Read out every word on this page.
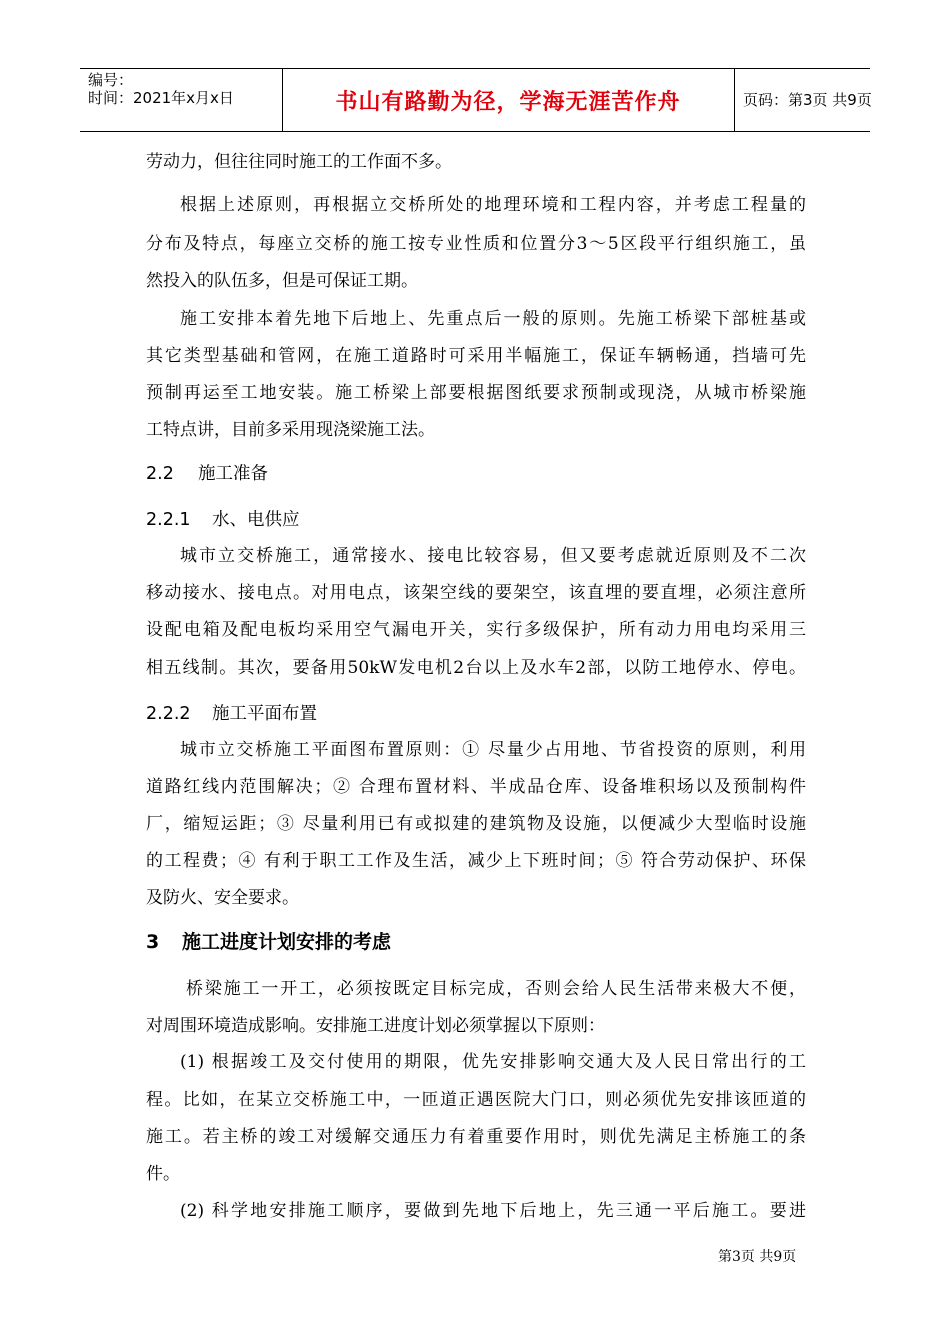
编号：
时间：2021年x月x日	书山有路勤为径，学海无涯苦作舟	页码：第3页 共9页
劳动力，但往往同时施工的工作面不多。
根据上述原则，再根据立交桥所处的地理环境和工程内容，并考虑工程量的
分布及特点，每座立交桥的施工按专业性质和位置分3～5区段平行组织施工，虽
然投入的队伍多，但是可保证工期。
施工安排本着先地下后地上、先重点后一般的原则。先施工桥梁下部桩基或
其它类型基础和管网，在施工道路时可采用半幅施工，保证车辆畅通，挡墙可先
预制再运至工地安装。施工桥梁上部要根据图纸要求预制或现浇，从城市桥梁施
工特点讲，目前多采用现浇梁施工法。
2.2 施工准备
2.2.1 水、电供应
城市立交桥施工，通常接水、接电比较容易，但又要考虑就近原则及不二次
移动接水、接电点。对用电点，该架空线的要架空，该直埋的要直埋，必须注意所
设配电箱及配电板均采用空气漏电开关，实行多级保护，所有动力用电均采用三
相五线制。其次，要备用50kW发电机2台以上及水车2部，以防工地停水、停电。
2.2.2 施工平面布置
城市立交桥施工平面图布置原则：① 尽量少占用地、节省投资的原则，利用
道路红线内范围解决；② 合理布置材料、半成品仓库、设备堆积场以及预制构件
厂，缩短运距；③ 尽量利用已有或拟建的建筑物及设施，以便减少大型临时设施
的工程费；④ 有利于职工工作及生活，减少上下班时间；⑤ 符合劳动保护、环保
及防火、安全要求。
3 施工进度计划安排的考虑
桥梁施工一开工，必须按既定目标完成，否则会给人民生活带来极大不便，
对周围环境造成影响。安排施工进度计划必须掌握以下原则：
(1) 根据竣工及交付使用的期限，优先安排影响交通大及人民日常出行的工
程。比如，在某立交桥施工中，一匝道正遇医院大门口，则必须优先安排该匝道的
施工。若主桥的竣工对缓解交通压力有着重要作用时，则优先满足主桥施工的条
件。
(2) 科学地安排施工顺序，要做到先地下后地上，先三通一平后施工。要进
第3页 共9页
